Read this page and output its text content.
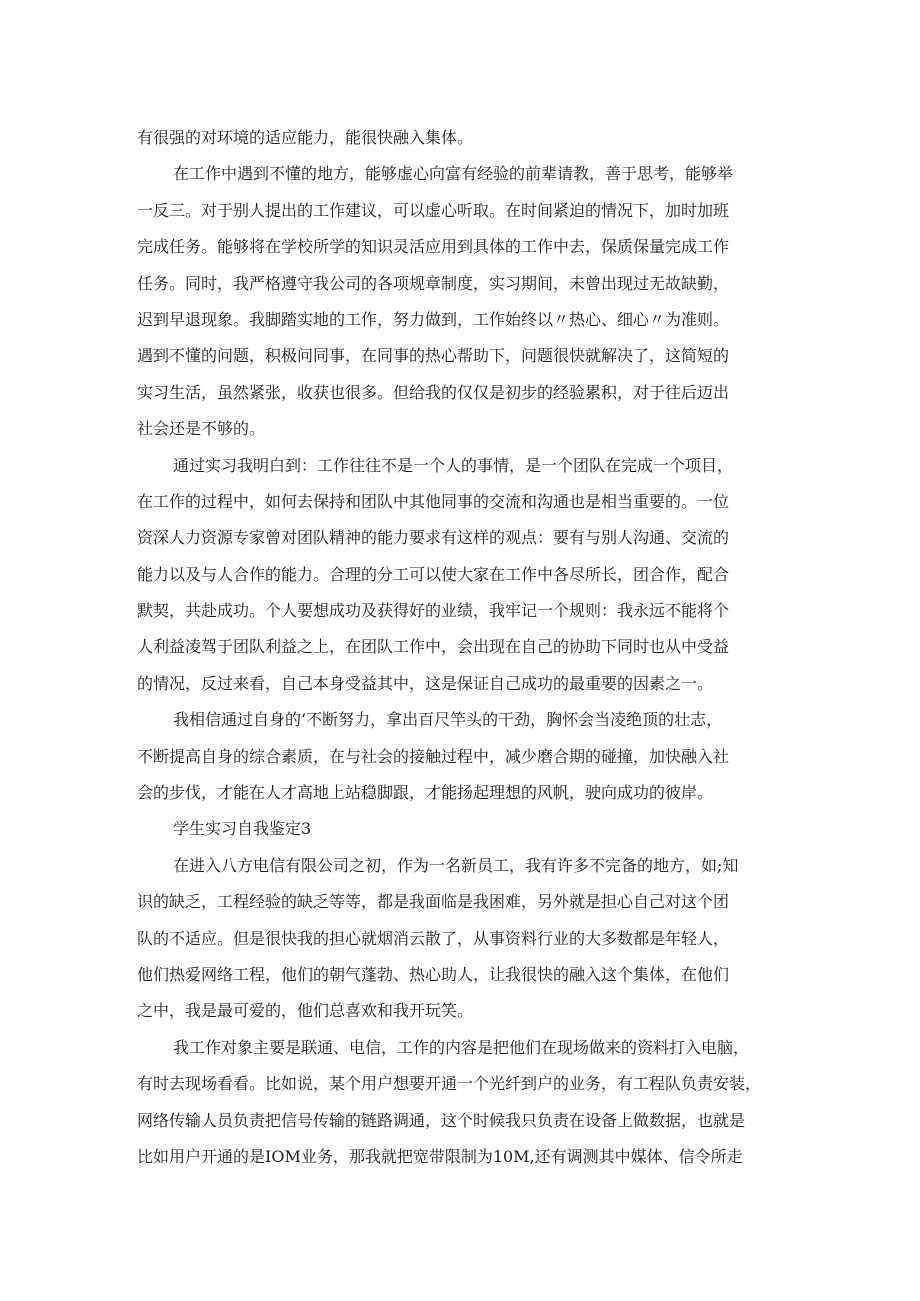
有很强的对环境的适应能力，能很快融入集体。
在工作中遇到不懂的地方，能够虚心向富有经验的前辈请教，善于思考，能够举
一反三。对于别人提出的工作建议，可以虚心听取。在时间紧迫的情况下，加时加班
完成任务。能够将在学校所学的知识灵活应用到具体的工作中去，保质保量完成工作
任务。同时，我严格遵守我公司的各项规章制度，实习期间，未曾出现过无故缺勤，
迟到早退现象。我脚踏实地的工作，努力做到，工作始终以〃热心、细心〃为准则。
遇到不懂的问题，积极问同事，在同事的热心帮助下，问题很快就解决了，这简短的
实习生活，虽然紧张，收获也很多。但给我的仅仅是初步的经验累积，对于往后迈出
社会还是不够的。
通过实习我明白到：工作往往不是一个人的事情，是一个团队在完成一个项目，
在工作的过程中，如何去保持和团队中其他同事的交流和沟通也是相当重要的。一位
资深人力资源专家曾对团队精神的能力要求有这样的观点：要有与别人沟通、交流的
能力以及与人合作的能力。合理的分工可以使大家在工作中各尽所长，团合作，配合
默契，共赴成功。个人要想成功及获得好的业绩，我牢记一个规则：我永远不能将个
人利益凌驾于团队利益之上，在团队工作中，会出现在自己的协助下同时也从中受益
的情况，反过来看，自己本身受益其中，这是保证自己成功的最重要的因素之一。
我相信通过自身的‘不断努力，拿出百尺竿头的干劲，胸怀会当凌绝顶的壮志，
不断提高自身的综合素质，在与社会的接触过程中，减少磨合期的碰撞，加快融入社
会的步伐，才能在人才高地上站稳脚跟，才能扬起理想的风帆，驶向成功的彼岸。
学生实习自我鉴定3
在进入八方电信有限公司之初，作为一名新员工，我有许多不完备的地方，如;知
识的缺乏，工程经验的缺乏等等，都是我面临是我困难，另外就是担心自己对这个团
队的不适应。但是很快我的担心就烟消云散了，从事资料行业的大多数都是年轻人，
他们热爱网络工程，他们的朝气蓬勃、热心助人，让我很快的融入这个集体，在他们
之中，我是最可爱的，他们总喜欢和我开玩笑。
我工作对象主要是联通、电信，工作的内容是把他们在现场做来的资料打入电脑，
有时去现场看看。比如说，某个用户想要开通一个光纤到户的业务，有工程队负责安装，
网络传输人员负责把信号传输的链路调通，这个时候我只负责在设备上做数据，也就是
比如用户开通的是IOM业务，那我就把宽带限制为10M,还有调测其中媒体、信令所走
